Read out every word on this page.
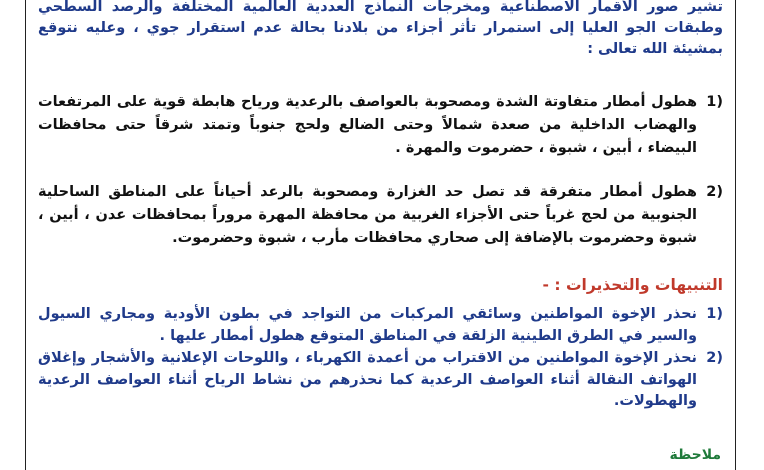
تشير صور الأقمار الاصطناعية ومخرجات النماذج العددية العالمية المختلفة والرصد السطحي وطبقات الجو العليا إلى استمرار تأثر أجزاء من بلادنا بحالة عدم استقرار جوي ، وعليه نتوقع بمشيئة الله تعالى :
1)
هطول أمطار متفاوتة الشدة ومصحوبة بالعواصف بالرعدية ورياح هابطة قوية على المرتفعات والهضاب الداخلية من صعدة شمالاً وحتى الضالع ولحج جنوباً وتمتد شرقاً حتى محافظات البيضاء ، أبين ، شبوة ، حضرموت والمهرة .
2)
هطول أمطار متفرقة قد تصل حد الغزارة ومصحوبة بالرعد أحياناً على المناطق الساحلية الجنوبية من لحج غرباً حتى الأجزاء الغربية من محافظة المهرة مروراً بمحافظات عدن ، أبين ، شبوة وحضرموت بالإضافة إلى صحاري محافظات مأرب ، شبوة وحضرموت.
التنبيهات والتحذيرات : -
1)
نحذر الإخوة المواطنين وسائقي المركبات من التواجد في بطون الأودية ومجاري السيول والسير في الطرق الطينية الزلقة في المناطق المتوقع هطول أمطار عليها .
2)
نحذر الإخوة المواطنين من الاقتراب من أعمدة الكهرباء ، واللوحات الإعلانية والأشجار وإغلاق الهواتف النقالة أثناء العواصف الرعدية كما نحذرهم من نشاط الرياح أثناء العواصف الرعدية والهطولات.
ملاحظة
